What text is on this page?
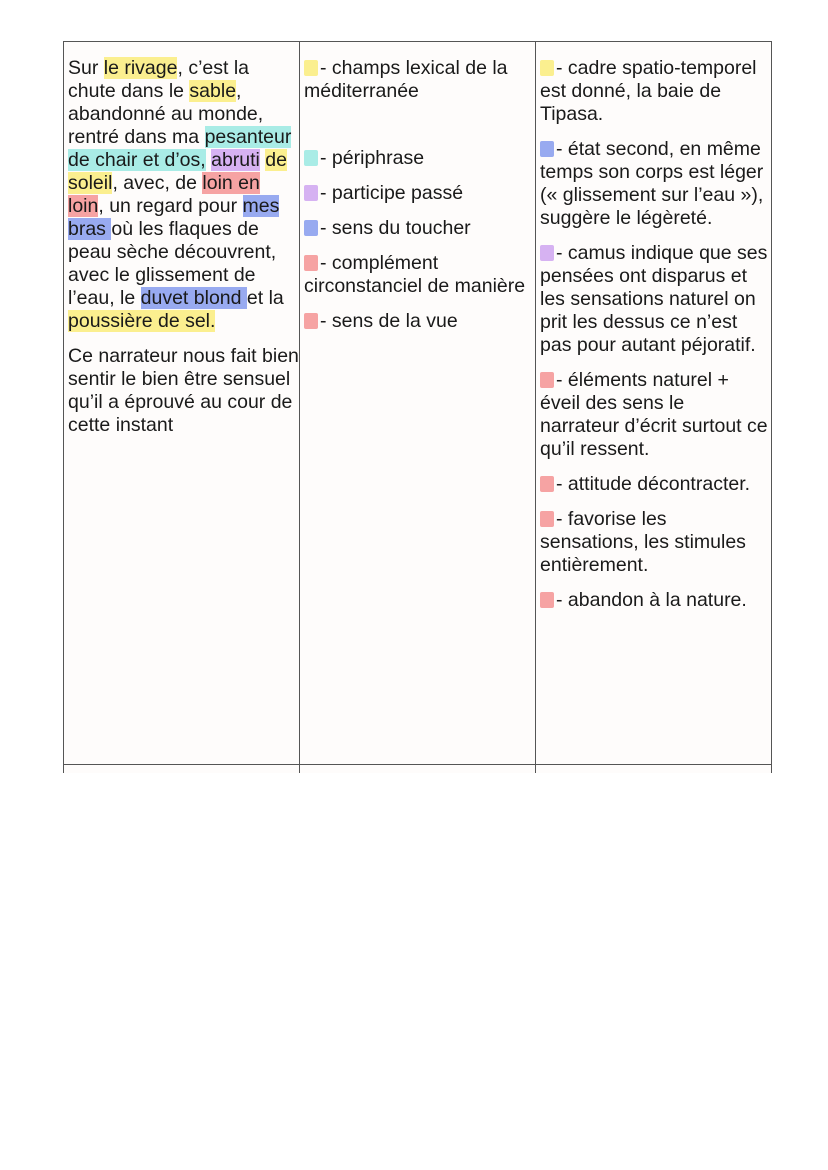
Sur le rivage, c’est la chute dans le sable, abandonné au monde, rentré dans ma pesanteur de chair et d’os, abruti de soleil, avec, de loin en loin, un regard pour mes bras où les flaques de peau sèche découvrent, avec le glissement de l’eau, le duvet blond et la poussière de sel.

Ce narrateur nous fait bien sentir le bien être sensuel qu’il a éprouvé au cour de cette instant

- champs lexical de la méditerranée

- périphrase

- participe passé

- sens du toucher

- complément circonstanciel de manière

- sens de la vue

- cadre spatio-temporel est donné, la baie de Tipasa.

- état second, en même temps son corps est léger (« glissement sur l’eau »), suggère le légèreté.

- camus indique que ses pensées ont disparus et les sensations naturel on prit les dessus ce n’est pas pour autant péjoratif.

- éléments naturel + éveil des sens le narrateur d’écrit surtout ce qu’il ressent.

- attitude décontracter.

- favorise les sensations, les stimules entièrement.

- abandon à la nature.
